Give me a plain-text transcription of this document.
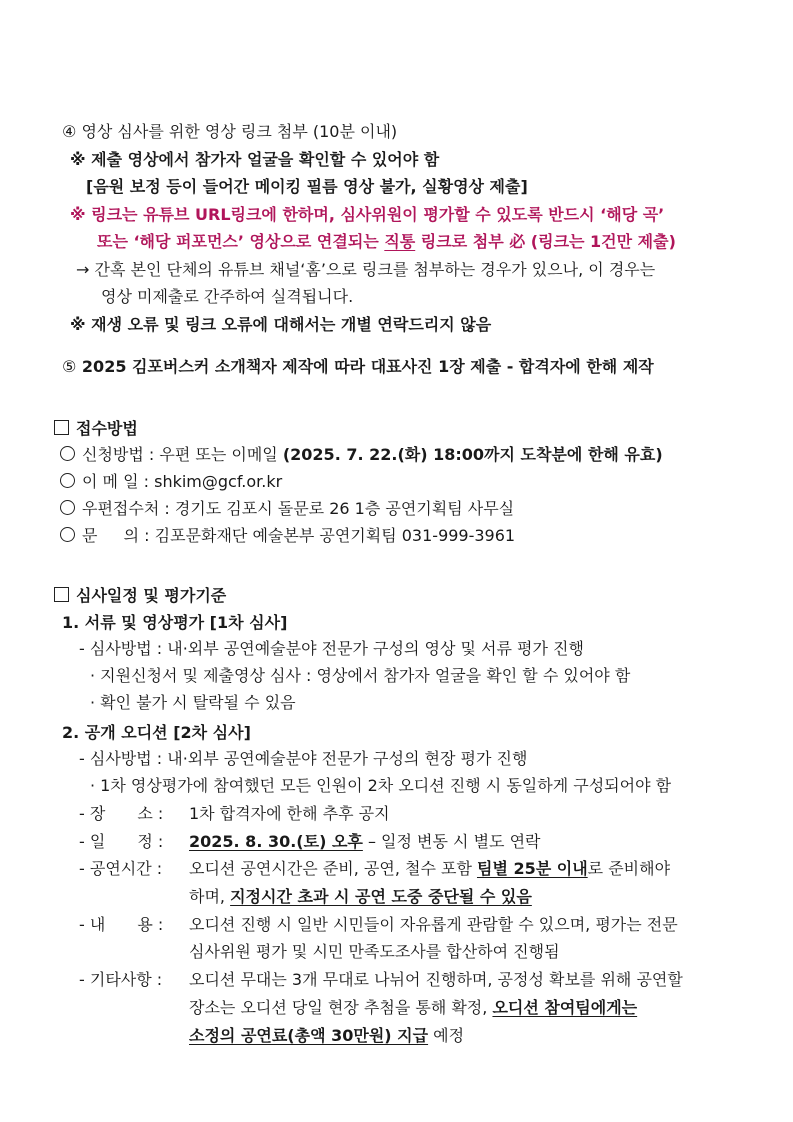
④ 영상 심사를 위한 영상 링크 첨부 (10분 이내)
※ 제출 영상에서 참가자 얼굴을 확인할 수 있어야 함
[음원 보정 등이 들어간 메이킹 필름 영상 불가, 실황영상 제출]
※ 링크는 유튜브 URL링크에 한하며, 심사위원이 평가할 수 있도록 반드시 ‘해당 곡’
또는 ‘해당 퍼포먼스’ 영상으로 연결되는 직통 링크로 첨부 必 (링크는 1건만 제출)
→ 간혹 본인 단체의 유튜브 채널‘홈’으로 링크를 첨부하는 경우가 있으나, 이 경우는
영상 미제출로 간주하여 실격됩니다.
※ 재생 오류 및 링크 오류에 대해서는 개별 연락드리지 않음
⑤ 2025 김포버스커 소개책자 제작에 따라 대표사진 1장 제출 - 합격자에 한해 제작
접수방법
신청방법 : 우편 또는 이메일 (2025. 7. 22.(화) 18:00까지 도착분에 한해 유효)
이 메 일 : shkim@gcf.or.kr
우편접수처 : 경기도 김포시 돌문로 26 1층 공연기획팀 사무실
문 　 의 : 김포문화재단 예술본부 공연기획팀 031-999-3961
심사일정 및 평가기준
1. 서류 및 영상평가 [1차 심사]
- 심사방법 : 내·외부 공연예술분야 전문가 구성의 영상 및 서류 평가 진행
· 지원신청서 및 제출영상 심사 : 영상에서 참가자 얼굴을 확인 할 수 있어야 함
· 확인 불가 시 탈락될 수 있음
2. 공개 오디션 [2차 심사]
- 심사방법 : 내·외부 공연예술분야 전문가 구성의 현장 평가 진행
· 1차 영상평가에 참여했던 모든 인원이 2차 오디션 진행 시 동일하게 구성되어야 함
- 장　　소 : 1차 합격자에 한해 추후 공지
- 일　　정 : 2025. 8. 30.(토) 오후 – 일정 변동 시 별도 연락
- 공연시간 : 오디션 공연시간은 준비, 공연, 철수 포함 팀별 25분 이내로 준비해야
하며, 지정시간 초과 시 공연 도중 중단될 수 있음
- 내　　용 : 오디션 진행 시 일반 시민들이 자유롭게 관람할 수 있으며, 평가는 전문
심사위원 평가 및 시민 만족도조사를 합산하여 진행됨
- 기타사항 : 오디션 무대는 3개 무대로 나뉘어 진행하며, 공정성 확보를 위해 공연할
장소는 오디션 당일 현장 추첨을 통해 확정, 오디션 참여팀에게는
소정의 공연료(총액 30만원) 지급 예정
